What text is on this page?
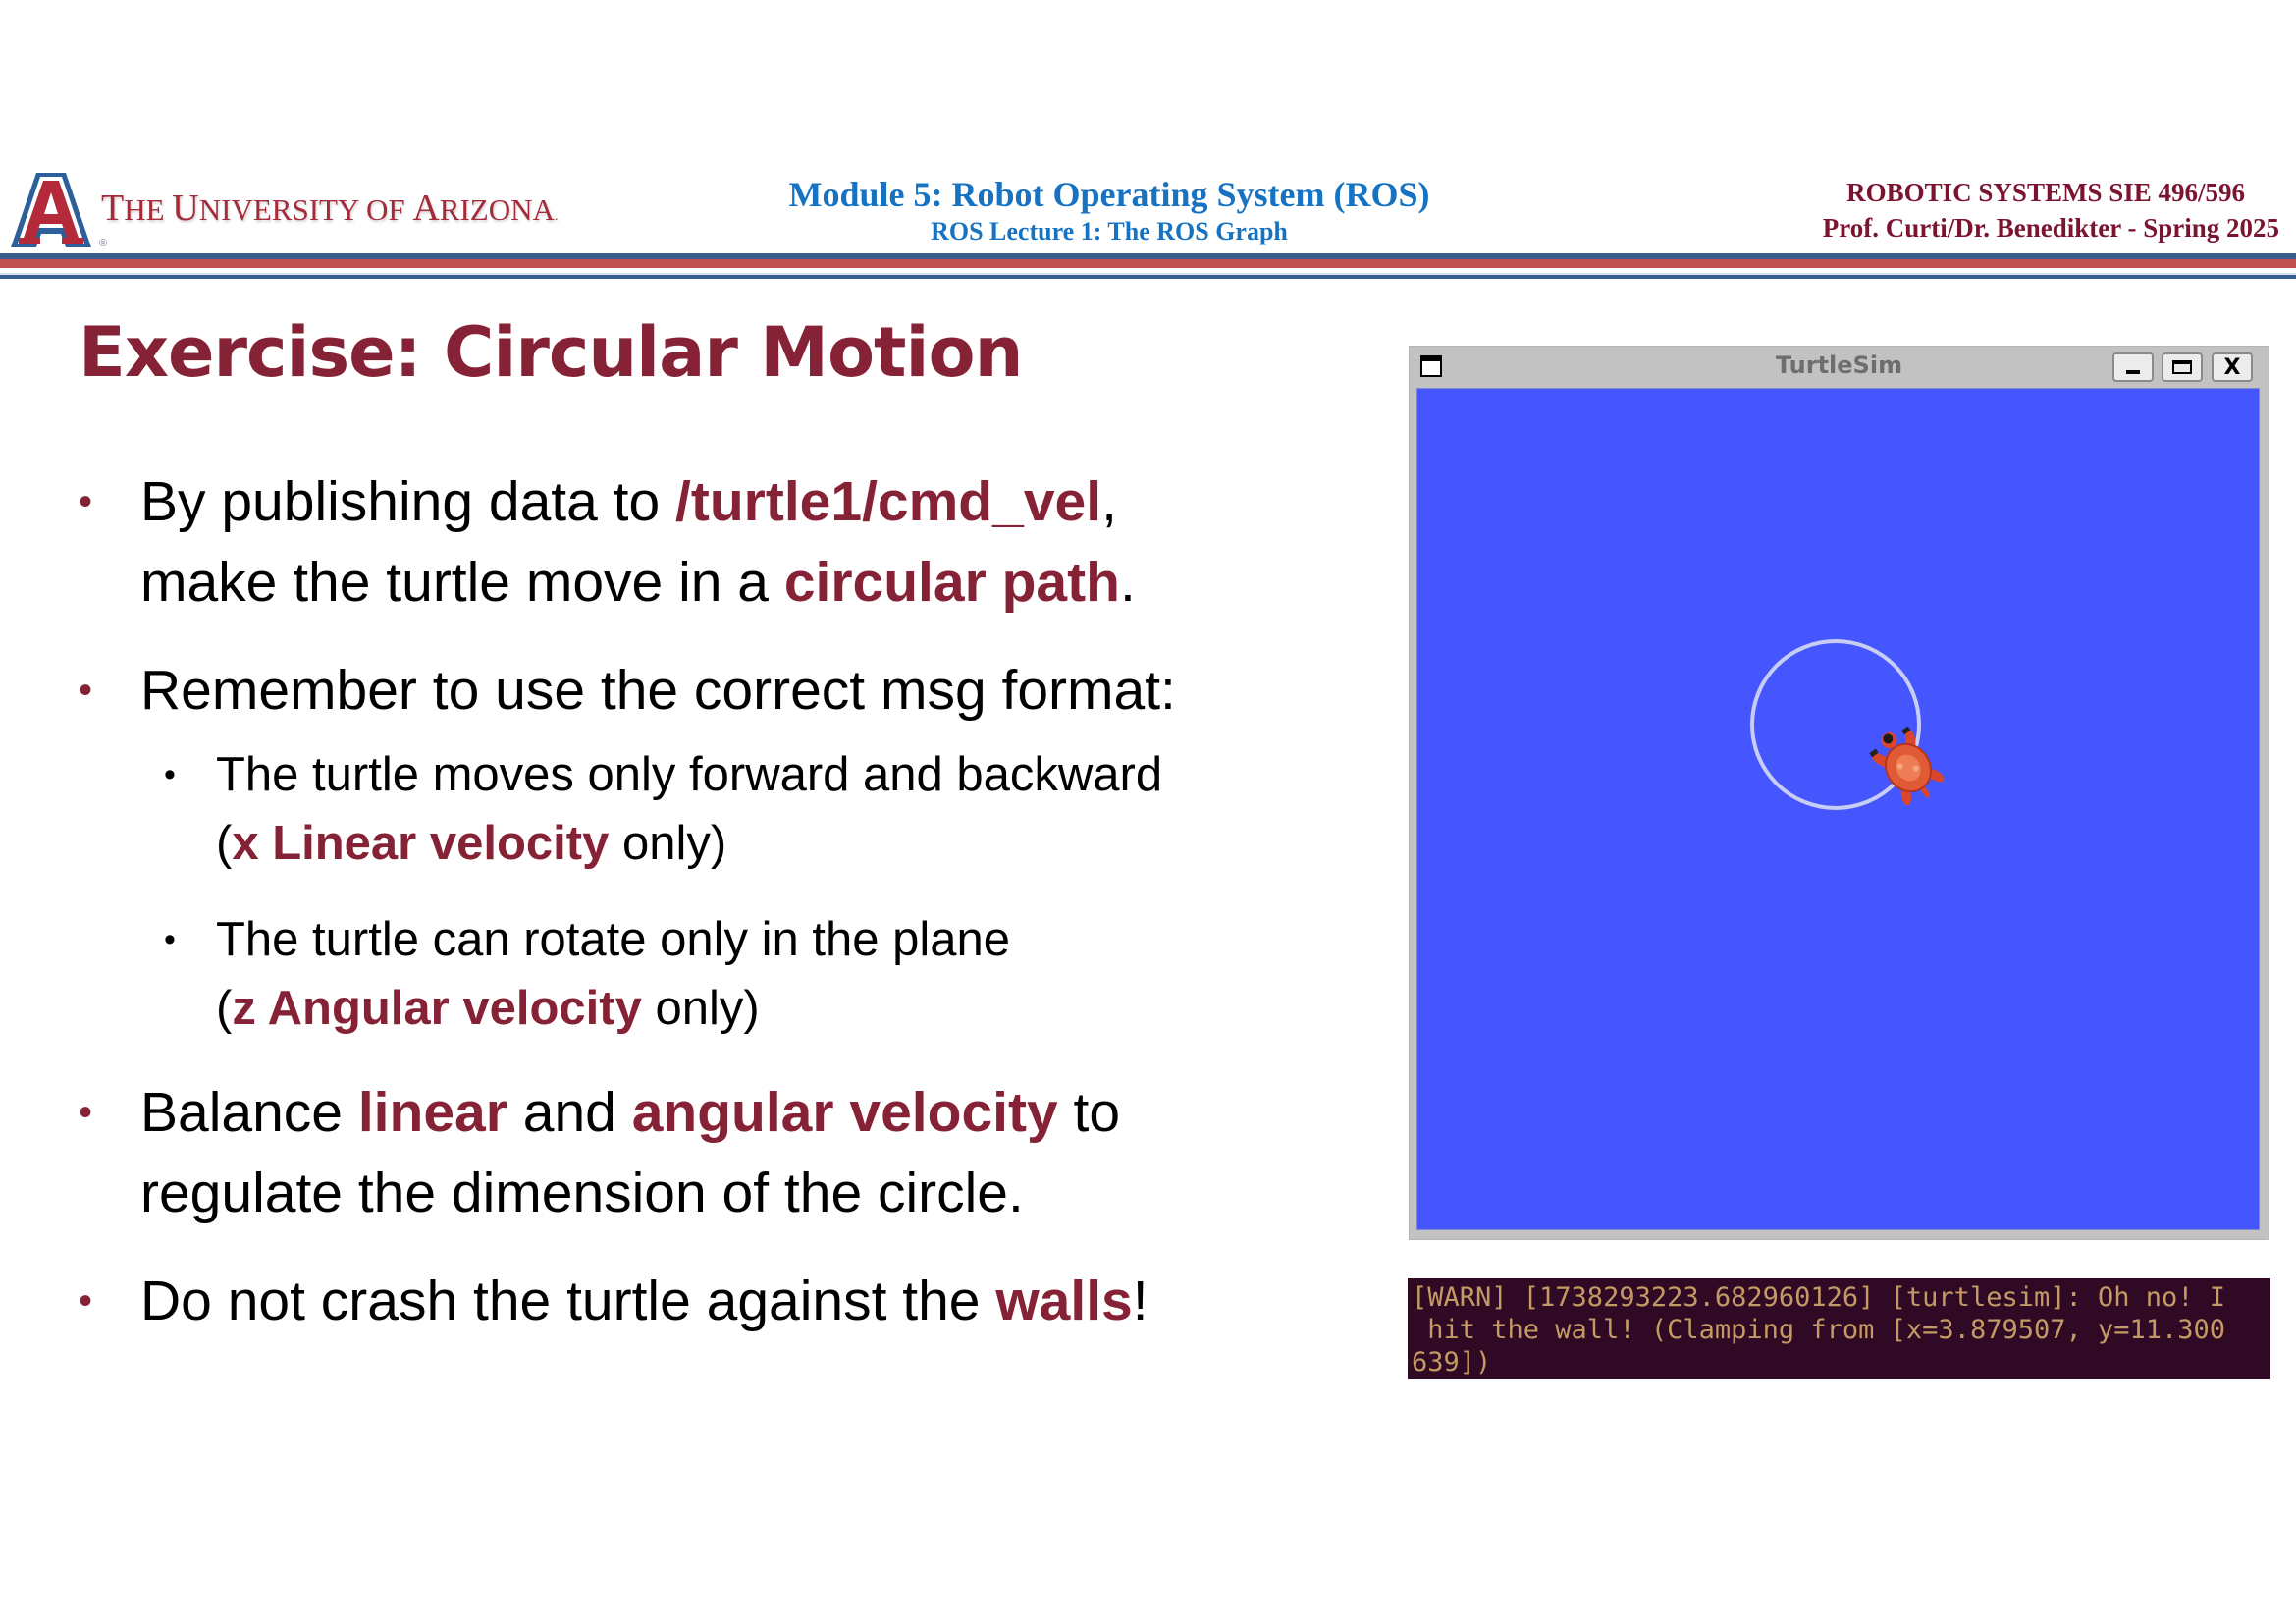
THE UNIVERSITY OF ARIZONA.
®
Module 5: Robot Operating System (ROS)
ROS Lecture 1: The ROS Graph
ROBOTIC SYSTEMS SIE 496/596
Prof. Curti/Dr. Benedikter - Spring 2025
Exercise: Circular Motion
• By publishing data to /turtle1/cmd_vel,
make the turtle move in a circular path.
• Remember to use the correct msg format:
• The turtle moves only forward and backward
(x Linear velocity only)
• The turtle can rotate only in the plane
(z Angular velocity only)
• Balance linear and angular velocity to
regulate the dimension of the circle.
• Do not crash the turtle against the walls!
TurtleSim	X
[WARN] [1738293223.682960126] [turtlesim]: Oh no! I
hit the wall! (Clamping from [x=3.879507, y=11.300
639])
